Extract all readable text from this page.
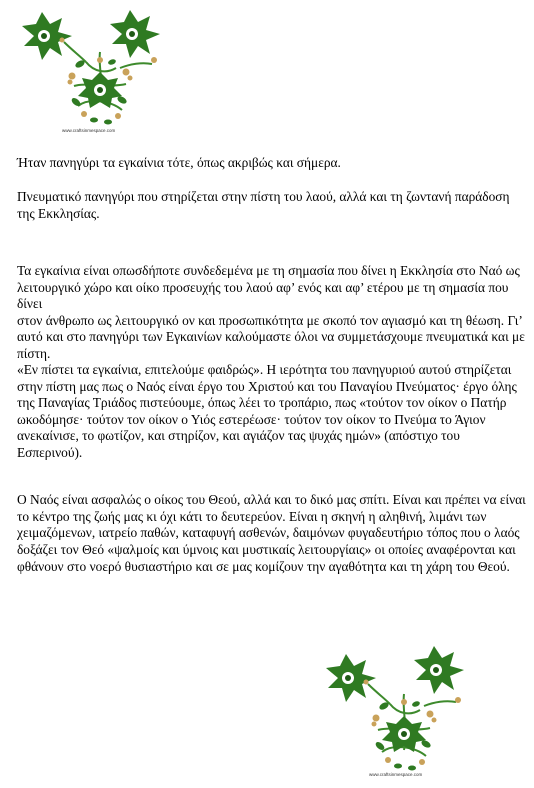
www.craftsinmespace.com

Ήταν πανηγύρι τα εγκαίνια τότε, όπως ακριβώς και σήμερα.

Πνευματικό πανηγύρι που στηρίζεται στην πίστη του λαού, αλλά και τη ζωντανή παράδοση της Εκκλησίας.

Τα εγκαίνια είναι οπωσδήποτε συνδεδεμένα με τη σημασία που δίνει η Εκκλησία στο Ναό ως λειτουργικό χώρο και οίκο προσευχής του λαού αφ’ ενός και αφ’ ετέρου με τη σημασία που δίνει
στον άνθρωπο ως λειτουργικό ον και προσωπικότητα με σκοπό τον αγιασμό και τη θέωση. Γι’ αυτό και στο πανηγύρι των Εγκαινίων καλούμαστε όλοι να συμμετάσχουμε πνευματικά και με πίστη.
«Εν πίστει τα εγκαίνια, επιτελούμε φαιδρώς». Η ιερότητα του πανηγυριού αυτού στηρίζεται στην πίστη μας πως ο Ναός είναι έργο του Χριστού και του Παναγίου Πνεύματος· έργο όλης της Παναγίας Τριάδος πιστεύουμε, όπως λέει το τροπάριο, πως «τούτον τον οίκον ο Πατήρ ωκοδόμησε· τούτον τον οίκον ο Υιός εστερέωσε· τούτον τον οίκον το Πνεύμα το Άγιον ανεκαίνισε, το φωτίζον, και στηρίζον, και αγιάζον τας ψυχάς ημών» (απόστιχο του Εσπερινού).

Ο Ναός είναι ασφαλώς ο οίκος του Θεού, αλλά και το δικό μας σπίτι. Είναι και πρέπει να είναι το κέντρο της ζωής μας κι όχι κάτι το δευτερεύον. Είναι η σκηνή η αληθινή, λιμάνι των χειμαζόμενων, ιατρείο παθών, καταφυγή ασθενών, δαιμόνων φυγαδευτήριο τόπος που ο λαός δοξάζει τον Θεό «ψαλμοίς και ύμνοις και μυστικαίς λειτουργίαις» οι οποίες αναφέρονται και φθάνουν στο νοερό θυσιαστήριο και σε μας κομίζουν την αγαθότητα και τη χάρη του Θεού.

www.craftsinmespace.com
